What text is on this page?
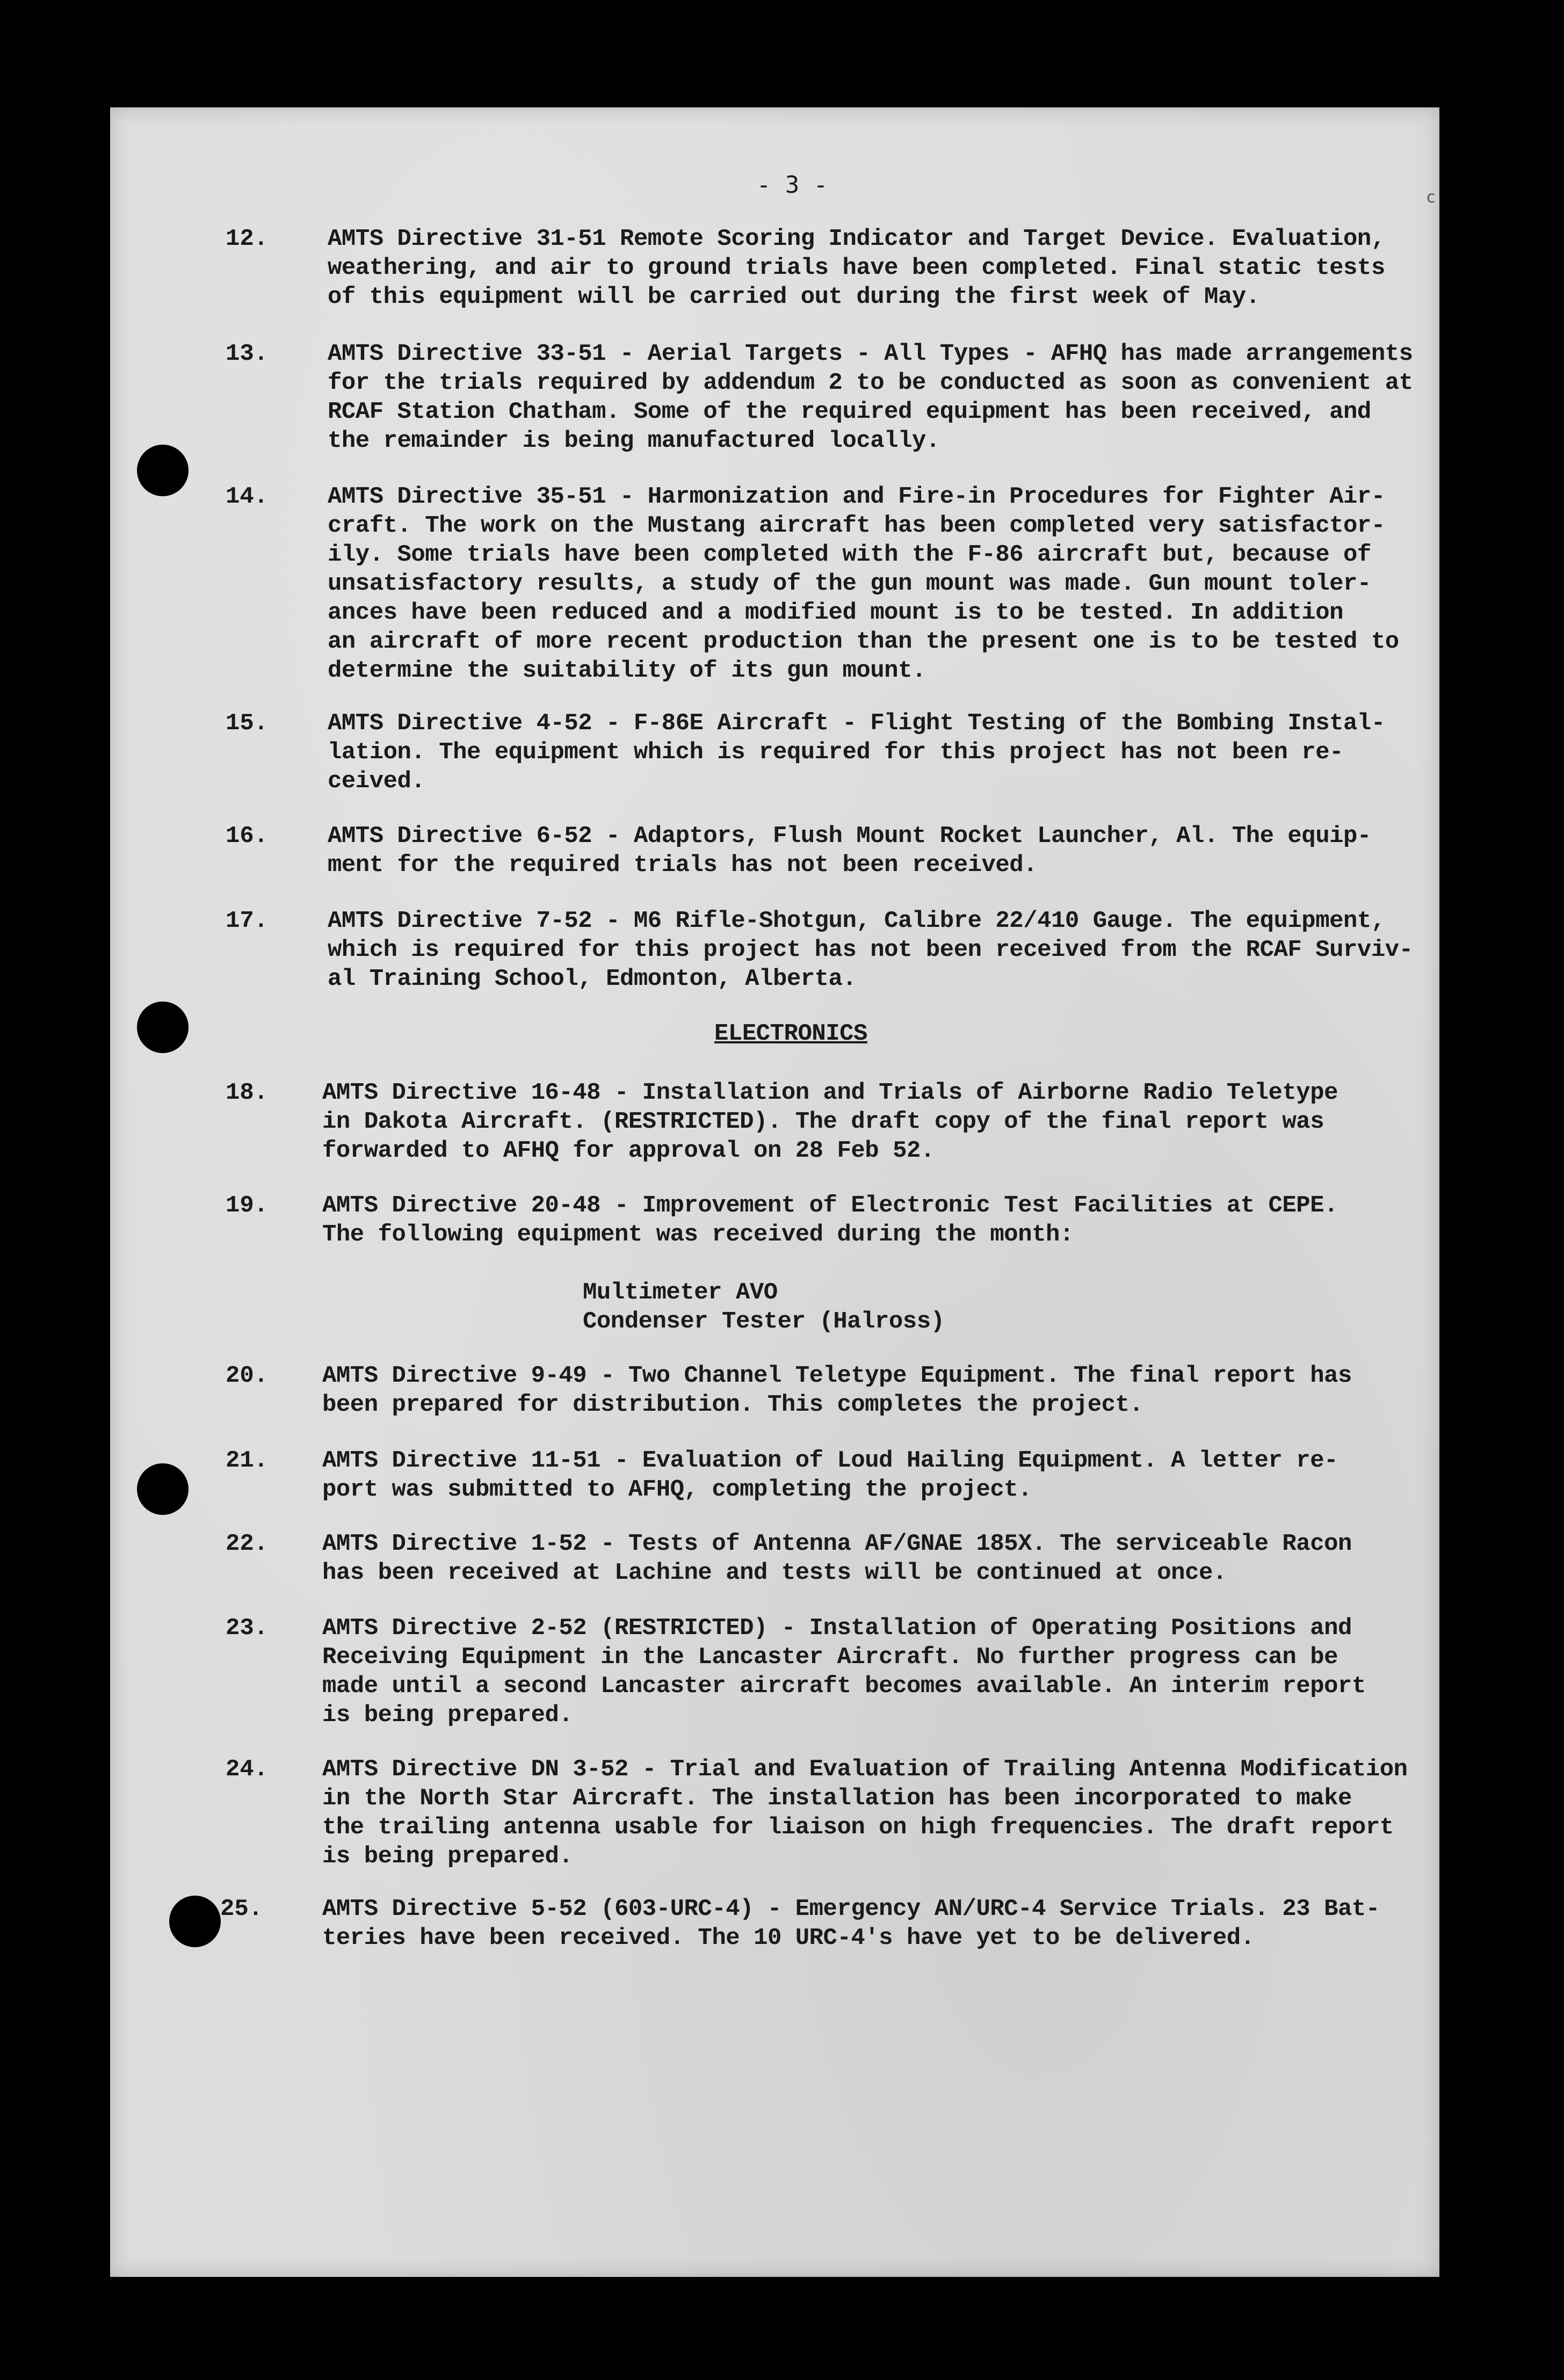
c
- 3 -
12.	AMTS Directive 31-51 Remote Scoring Indicator and Target Device. Evaluation,
weathering, and air to ground trials have been completed. Final static tests
of this equipment will be carried out during the first week of May.
13.	AMTS Directive 33-51 - Aerial Targets - All Types - AFHQ has made arrangements
for the trials required by addendum 2 to be conducted as soon as convenient at
RCAF Station Chatham. Some of the required equipment has been received, and
the remainder is being manufactured locally.
14.	AMTS Directive 35-51 - Harmonization and Fire-in Procedures for Fighter Air-
craft. The work on the Mustang aircraft has been completed very satisfactor-
ily. Some trials have been completed with the F-86 aircraft but, because of
unsatisfactory results, a study of the gun mount was made. Gun mount toler-
ances have been reduced and a modified mount is to be tested. In addition
an aircraft of more recent production than the present one is to be tested to
determine the suitability of its gun mount.
15.	AMTS Directive 4-52 - F-86E Aircraft - Flight Testing of the Bombing Instal-
lation. The equipment which is required for this project has not been re-
ceived.
16.	AMTS Directive 6-52 - Adaptors, Flush Mount Rocket Launcher, Al. The equip-
ment for the required trials has not been received.
17.	AMTS Directive 7-52 - M6 Rifle-Shotgun, Calibre 22/410 Gauge. The equipment,
which is required for this project has not been received from the RCAF Surviv-
al Training School, Edmonton, Alberta.
ELECTRONICS
18.	AMTS Directive 16-48 - Installation and Trials of Airborne Radio Teletype
in Dakota Aircraft. (RESTRICTED). The draft copy of the final report was
forwarded to AFHQ for approval on 28 Feb 52.
19.	AMTS Directive 20-48 - Improvement of Electronic Test Facilities at CEPE.
The following equipment was received during the month:
Multimeter AVO
Condenser Tester (Halross)
20.	AMTS Directive 9-49 - Two Channel Teletype Equipment. The final report has
been prepared for distribution. This completes the project.
21.	AMTS Directive 11-51 - Evaluation of Loud Hailing Equipment. A letter re-
port was submitted to AFHQ, completing the project.
22.	AMTS Directive 1-52 - Tests of Antenna AF/GNAE 185X. The serviceable Racon
has been received at Lachine and tests will be continued at once.
23.	AMTS Directive 2-52 (RESTRICTED) - Installation of Operating Positions and
Receiving Equipment in the Lancaster Aircraft. No further progress can be
made until a second Lancaster aircraft becomes available. An interim report
is being prepared.
24.	AMTS Directive DN 3-52 - Trial and Evaluation of Trailing Antenna Modification
in the North Star Aircraft. The installation has been incorporated to make
the trailing antenna usable for liaison on high frequencies. The draft report
is being prepared.
25.	AMTS Directive 5-52 (603-URC-4) - Emergency AN/URC-4 Service Trials. 23 Bat-
teries have been received. The 10 URC-4's have yet to be delivered.
